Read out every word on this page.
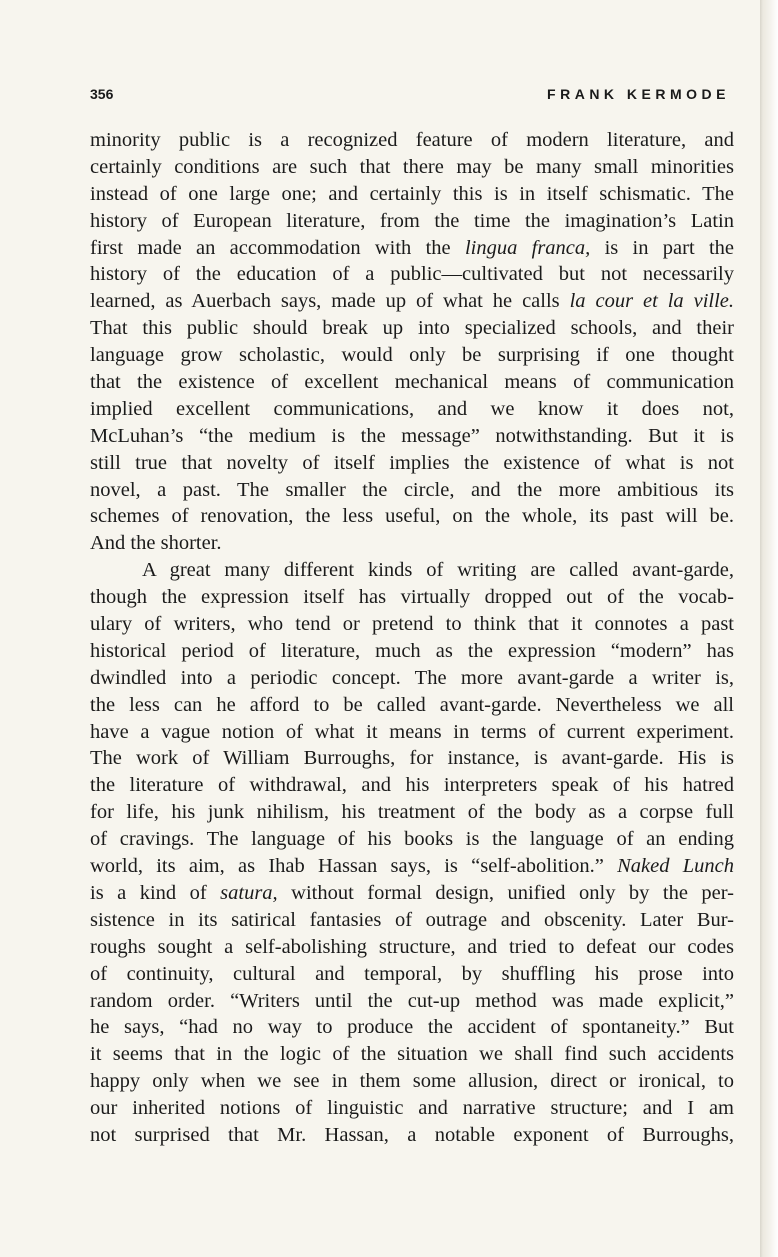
356	FRANK KERMODE
minority public is a recognized feature of modern literature, and
certainly conditions are such that there may be many small minorities
instead of one large one; and certainly this is in itself schismatic. The
history of European literature, from the time the imagination’s Latin
first made an accommodation with the lingua franca, is in part the
history of the education of a public—cultivated but not necessarily
learned, as Auerbach says, made up of what he calls la cour et la ville.
That this public should break up into specialized schools, and their
language grow scholastic, would only be surprising if one thought
that the existence of excellent mechanical means of communication
implied excellent communications, and we know it does not,
McLuhan’s “the medium is the message” notwithstanding. But it is
still true that novelty of itself implies the existence of what is not
novel, a past. The smaller the circle, and the more ambitious its
schemes of renovation, the less useful, on the whole, its past will be.
And the shorter.
A great many different kinds of writing are called avant-garde,
though the expression itself has virtually dropped out of the vocab-
ulary of writers, who tend or pretend to think that it connotes a past
historical period of literature, much as the expression “modern” has
dwindled into a periodic concept. The more avant-garde a writer is,
the less can he afford to be called avant-garde. Nevertheless we all
have a vague notion of what it means in terms of current experiment.
The work of William Burroughs, for instance, is avant-garde. His is
the literature of withdrawal, and his interpreters speak of his hatred
for life, his junk nihilism, his treatment of the body as a corpse full
of cravings. The language of his books is the language of an ending
world, its aim, as Ihab Hassan says, is “self-abolition.” Naked Lunch
is a kind of satura, without formal design, unified only by the per-
sistence in its satirical fantasies of outrage and obscenity. Later Bur-
roughs sought a self-abolishing structure, and tried to defeat our codes
of continuity, cultural and temporal, by shuffling his prose into
random order. “Writers until the cut-up method was made explicit,”
he says, “had no way to produce the accident of spontaneity.” But
it seems that in the logic of the situation we shall find such accidents
happy only when we see in them some allusion, direct or ironical, to
our inherited notions of linguistic and narrative structure; and I am
not surprised that Mr. Hassan, a notable exponent of Burroughs,
